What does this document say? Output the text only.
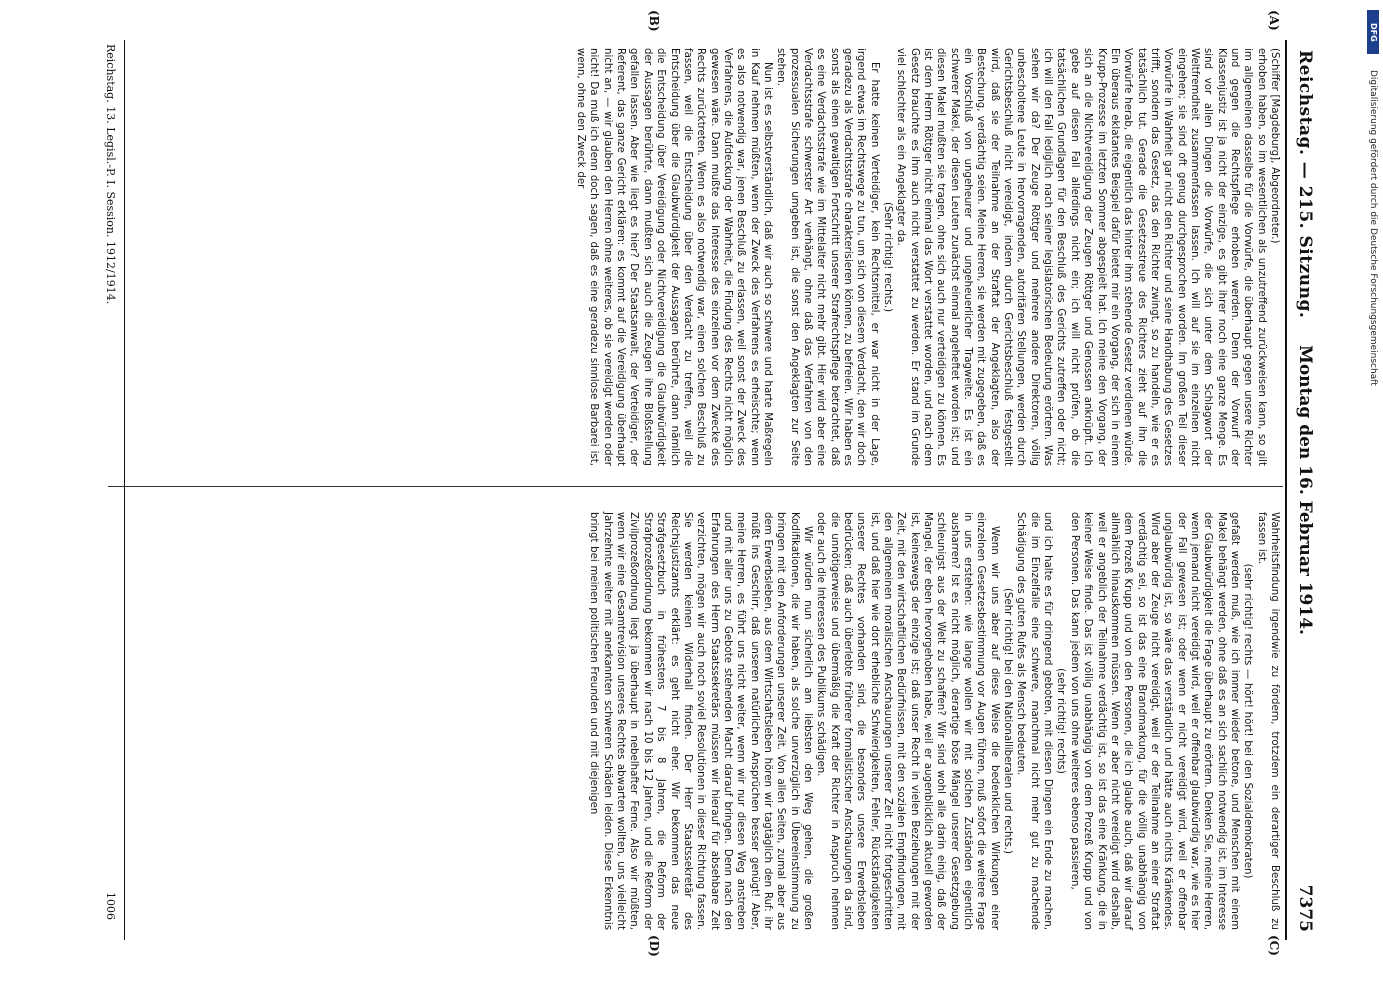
Reichstag. — 215. Sitzung.
Montag den 16. Februar 1914.
7375
(A)
(B)
(C)
(D)

(Schiffer [Magdeburg], Abgeordneter.)

erhoben haben, so im wesentlichen als unzutreffend zurückweisen kann, so gilt im allgemeinen dasselbe für die Vorwürfe, die überhaupt gegen unsere Richter und gegen die Rechtspflege erhoben werden. Denn der Vorwurf der Klassenjustiz ist ja nicht der einzige, es gibt ihrer noch eine ganze Menge. Es sind vor allen Dingen die Vorwürfe, die sich unter dem Schlagwort der Weltfremdheit zusammenfassen lassen. Ich will auf sie im einzelnen nicht eingehen; sie sind oft genug durchgesprochen worden. Im großen Teil dieser Vorwürfe in Wahrheit gar nicht den Richter und seine Handhabung des Gesetzes trifft, sondern das Gesetz, das den Richter zwingt, so zu handeln, wie er es tatsächlich tut. Gerade die Gesetzestreue des Richters zieht auf ihn die Vorwürfe herab, die eigentlich das hinter ihm stehende Gesetz verdienen würde. Ein überaus eklatantes Beispiel dafür bietet mir ein Vorgang, der sich in einem Krupp-Prozesse im letzten Sommer abgespielt hat. Ich meine den Vorgang, der sich an die Nichtvereidigung der Zeugen Röttger und Genossen anknüpft. Ich gebe auf diesen Fall allerdings nicht ein; ich will nicht prüfen, ob die tatsächlichen Grundlagen für den Beschluß des Gerichts zutreffen oder nicht; ich will den Fall lediglich nach seiner legislatorischen Bedeutung erörtern. Was sehen wir da? Der Zeuge Röttger und mehrere andere Direktoren, völlig unbescholtene Leute in hervorragenden, autoritären Stellungen, werden durch Gerichtsbeschluß nicht vereidigt, indem durch Gerichtsbeschluß festgestellt wird, daß sie der Teilnahme an der Straftat der Angeklagten, also der Bestechung, verdächtig seien. Meine Herren, sie werden mit zugegeben, daß es ein Vorschluß von ungeheurer und ungeheuerlicher Tragweite. Es ist ein schwerer Makel, der diesen Leuten zunächst einmal angeheftet worden ist; und diesen Makel mußten sie tragen, ohne sich auch nur verteidigen zu können. Es ist dem Herrn Röttger nicht einmal das Wort verstattet worden, und nach dem Gesetz brauchte es ihm auch nicht verstattet zu werden. Er stand im Grunde viel schlechter als ein Angeklagter da.

(Sehr richtig! rechts.)

Er hatte keinen Verteidiger, kein Rechtsmittel, er war nicht in der Lage, irgend etwas im Rechtswege zu tun, um sich von diesem Verdacht, den wir doch geradezu als Verdachtsstrafe charakterisieren können, zu befreien. Wir haben es sonst als einen gewaltigen Fortschritt unserer Strafrechtspflege betrachtet, daß es eine Verdachtsstrafe wie im Mittelalter nicht mehr gibt. Hier wird aber eine Verdachtsstrafe schwerster Art verhängt, ohne daß das Verfahren von den prozessualen Sicherungen umgeben ist, die sonst den Angeklagten zur Seite stehen.

Nun ist es selbstverständlich, daß wir auch so schwere und harte Maßregeln in Kauf nehmen müßten, wenn der Zweck des Verfahrens es erheischte; wenn es also notwendig war, jenen Beschluß zu erlassen, weil sonst der Zweck des Verfahrens, die Aufdeckung der Wahrheit, die Findung des Rechts nicht möglich gewesen wäre. Dann mußte das Interesse des einzelnen vor dem Zwecke des Rechts zurücktreten. Wenn es also notwendig war, einen solchen Beschluß zu fassen, weil die Entscheidung über den Verdacht zu treffen, weil die Entscheidung über die Glaubwürdigkeit der Aussagen berührte, dann nämlich die Entscheidung über Vereidigung oder Nichtvereidigung die Glaubwürdigkeit der Aussagen berührte, dann mußten sich auch die Zeugen ihre Bloßstellung gefallen lassen. Aber wie liegt es hier? Der Staatsanwalt, der Verteidiger, der Referent, das ganze Gericht erklären: es kommt auf die Vereidigung überhaupt nicht an, — wir glauben den Herren ohne weiteres, ob sie vereidigt werden oder nicht! Da muß ich denn doch sagen, daß es eine geradezu sinnlose Barbarei ist, wenn, ohne den Zweck der

Wahrheitsfindung irgendwie zu fördern, trotzdem ein derartiger Beschluß zu fassen ist.

(sehr richtig! rechts — hört! hört! bei den Sozialdemokraten)

gefaßt werden muß, wie ich immer wieder betone, und Menschen mit einem Makel behängt werden, ohne daß es an sich sachlich notwendig ist, im Interesse der Glaubwürdigkeit die Frage überhaupt zu erörtern. Denken Sie, meine Herren, wenn jemand nicht vereidigt wird, weil er offenbar glaubwürdig war, wie es hier der Fall gewesen ist; oder wenn er nicht vereidigt wird, weil er offenbar unglaubwürdig ist, so wäre das verständlich und hätte auch nichts Kränkendes. Wird aber der Zeuge nicht vereidigt, weil er der Teilnahme an einer Straftat verdächtig sei, so ist das eine Brandmarkung, für die völlig unabhängig von dem Prozeß Krupp und von den Personen, die ich glaube auch, daß wir darauf allmählich hinauskommen müssen. Wenn er aber nicht vereidigt wird deshalb, weil er angeblich der Teilnahme verdächtig ist, so ist das eine Kränkung, die in keiner Weise finde. Das ist völlig unabhängig von dem Prozeß Krupp und von den Personen. Das kann jedem von uns ohne weiteres ebenso passieren,

(sehr richtig! rechts)

und ich halte es für dringend geboten, mit diesen Dingen ein Ende zu machen, die im Einzelfalle eine schwere, manchmal nicht mehr gut zu machende Schädigung des guten Rufes als Mensch bedeuten.

(Sehr richtig! bei den Nationalliberalen und rechts.)

Wenn wir uns aber auf diese Weise die bedenklichen Wirkungen einer einzelnen Gesetzesbestimmung vor Augen führen, muß sofort die weitere Frage in uns erstehen: wie lange wollen wir mit solchen Zuständen eigentlich ausharren? Ist es nicht möglich, derartige böse Mängel unserer Gesetzgebung schleunigst aus der Welt zu schaffen? Wir sind wohl alle darin einig, daß der Mangel, der eben hervorgehoben habe, weil er augenblicklich aktuell geworden ist, keineswegs der einzige ist; daß unser Recht in vielen Beziehungen mit der Zeit, mit den wirtschaftlichen Bedürfnissen, mit den sozialen Empfindungen, mit den allgemeinen moralischen Anschauungen unserer Zeit nicht fortgeschritten ist, und daß hier wie dort erhebliche Schwierigkeiten, Fehler, Rückständigkeiten unserer Rechtes vorhanden sind, die besonders unsere Erwerbsleben bedrücken; daß auch überlebte früherer formalistischer Anschauungen da sind, die unnötigerweise und übermäßig die Kraft der Richter in Anspruch nehmen oder auch die Interessen des Publikums schädigen.

Wir würden nun sicherlich am liebsten den Weg gehen, die großen Kodifikationen, die wir haben, als solche unverzüglich in Übereinstimmung zu bringen mit den Anforderungen unserer Zeit. Von allen Seiten, zumal aber aus dem Erwerbsleben, aus dem Wirtschaftsleben hören wir tagtäglich den Ruf: ihr müßt ins Geschirr, daß unseren natürlichen Ansprüchen besser genügt! Aber, meine Herren, es führt uns nicht weiter, wenn wir nur diesen Weg anstreben und mit aller uns zu Gebote stehenden Macht darauf bringen. Denn nach den Erfahrungen des Herrn Staatssekretärs müssen wir hierauf für absehbare Zeit verzichten, mögen wir auch noch soviel Resolutionen in dieser Richtung fassen. Sie werden keinen Widerhall finden. Der Herr Staatssekretär des Reichsjustizamts erklärt: es geht nicht eher. Wir bekommen das neue Strafgesetzbuch in frühestens 7 bis 8 Jahren, die Reform der Strafprozeßordnung bekommen wir nach 10 bis 12 Jahren, und die Reform der Zivilprozeßordnung liegt ja überhaupt in nebelhafter Ferne. Also wir müßten, wenn wir eine Gesamtrevision unseres Rechtes abwarten wollten, uns vielleicht Jahrzehnte weiter mit anerkannten schweren Schäden leiden. Diese Erkenntnis bringt bei meinen politischen Freunden und mit diejenigen

Reichstag. 13. Legisl.-P. I. Session. 1912/1914.
1006
DFG
Digitalisierung gefördert durch die Deutsche Forschungsgemeinschaft
